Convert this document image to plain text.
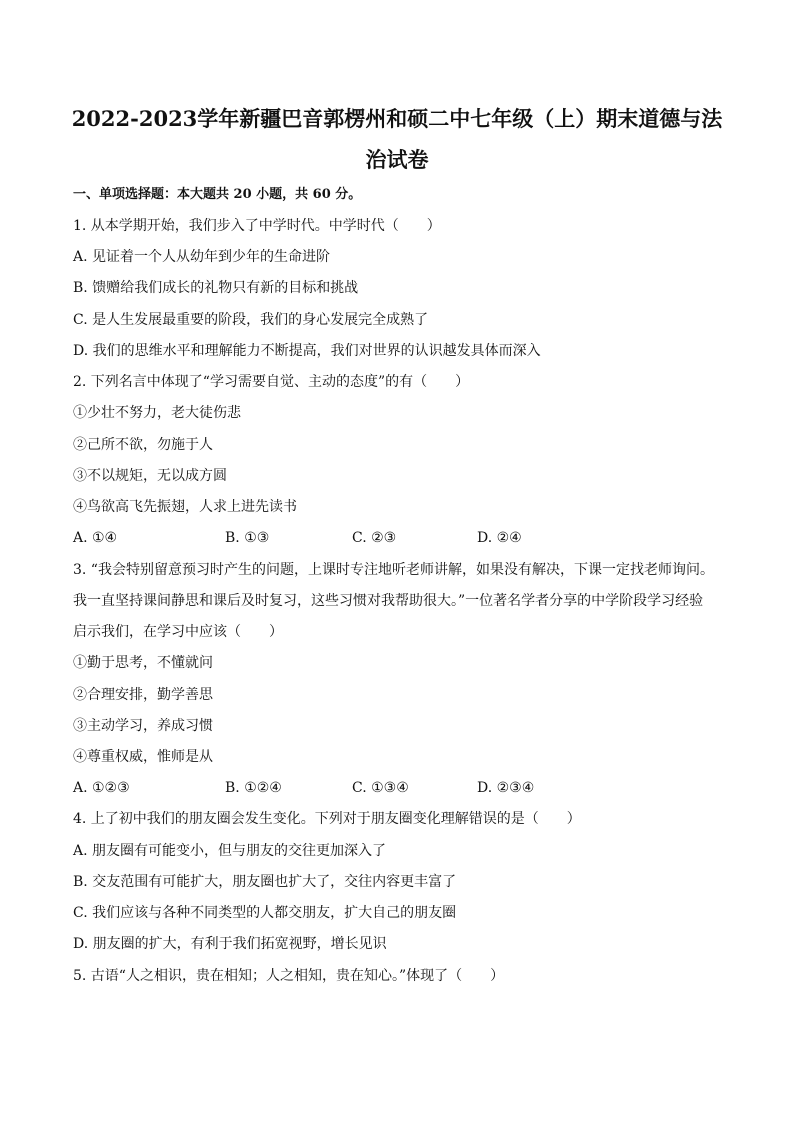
2022-2023学年新疆巴音郭楞州和硕二中七年级（上）期末道德与法
治试卷

一、单项选择题：本大题共 20 小题，共 60 分。

1. 从本学期开始，我们步入了中学时代。中学时代（　　）

A. 见证着一个人从幼年到少年的生命进阶

B. 馈赠给我们成长的礼物只有新的目标和挑战

C. 是人生发展最重要的阶段，我们的身心发展完全成熟了

D. 我们的思维水平和理解能力不断提高，我们对世界的认识越发具体而深入

2. 下列名言中体现了“学习需要自觉、主动的态度”的有（　　）

①少壮不努力，老大徒伤悲

②己所不欲，勿施于人

③不以规矩，无以成方圆

④鸟欲高飞先振翅，人求上进先读书

A. ①④	B. ①③	C. ②③	D. ②④

3. “我会特别留意预习时产生的问题，上课时专注地听老师讲解，如果没有解决，下课一定找老师询问。

我一直坚持课间静思和课后及时复习，这些习惯对我帮助很大。”一位著名学者分享的中学阶段学习经验

启示我们，在学习中应该（　　）

①勤于思考，不懂就问

②合理安排，勤学善思

③主动学习，养成习惯

④尊重权威，惟师是从

A. ①②③	B. ①②④	C. ①③④	D. ②③④

4. 上了初中我们的朋友圈会发生变化。下列对于朋友圈变化理解错误的是（　　）

A. 朋友圈有可能变小，但与朋友的交往更加深入了

B. 交友范围有可能扩大，朋友圈也扩大了，交往内容更丰富了

C. 我们应该与各种不同类型的人都交朋友，扩大自己的朋友圈

D. 朋友圈的扩大，有利于我们拓宽视野，增长见识

5. 古语“人之相识，贵在相知；人之相知，贵在知心。”体现了（　　）
